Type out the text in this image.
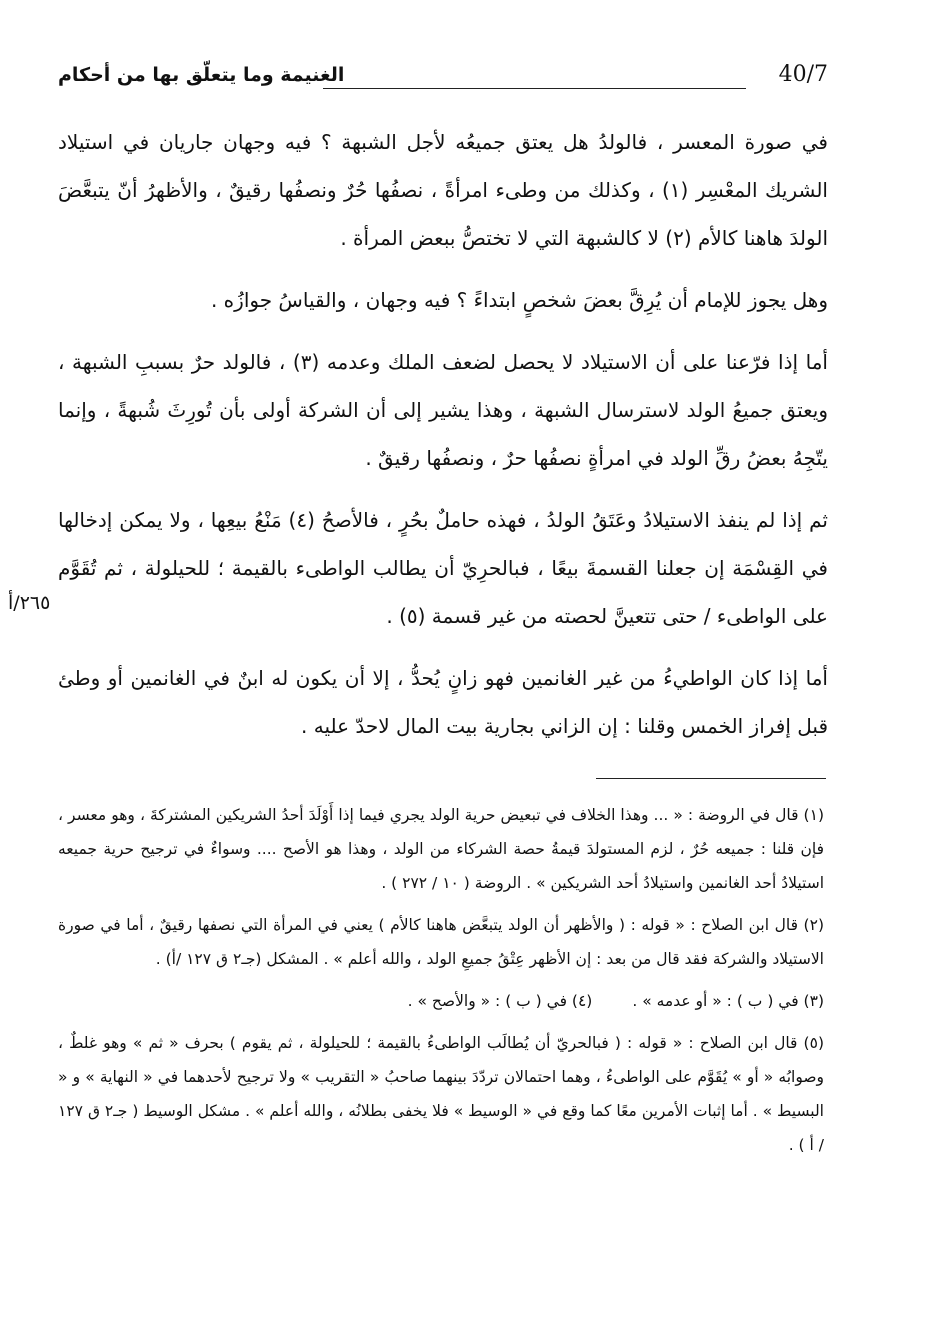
40/7
الغنيمة وما يتعلّق بها من أحكام

في صورة المعسر ، فالولدُ هل يعتق جميعُه لأجل الشبهة ؟ فيه وجهان جاريان في استيلاد الشريك المعْسِر (١) ، وكذلك من وطىء امرأةً ، نصفُها حُرٌ ونصفُها رقيقٌ ، والأظهرُ أنّ يتبعَّضَ الولدَ هاهنا كالأم (٢) لا كالشبهة التي لا تختصُّ ببعض المرأة .

وهل يجوز للإمام أن يُرِقَّ بعضَ شخصٍ ابتداءً ؟ فيه وجهان ، والقياسُ جوازُه .

أما إذا فرّعنا على أن الاستيلاد لا يحصل لضعف الملك وعدمه (٣) ، فالولد حرٌ بسببِ الشبهة ، ويعتق جميعُ الولد لاسترسال الشبهة ، وهذا يشير إلى أن الشركة أولى بأن تُورِثَ شُبهةً ، وإنما يتّجِهُ بعضُ رقِّ الولد في امرأةٍ نصفُها حرٌ ، ونصفُها رقيقٌ .

ثم إذا لم ينفذ الاستيلادُ وعَتَقُ الولدُ ، فهذه حاملٌ بحُرٍ ، فالأصحُ (٤) مَنْعُ بيعِها ، ولا يمكن إدخالها في القِسْمَة إن جعلنا القسمةَ بيعًا ، فبالحرِيّ أن يطالب الواطىء بالقيمة ؛ للحيلولة ، ثم تُقَوَّم على الواطىء / حتى تتعينَّ لحصته من غير قسمة (٥) .

أما إذا كان الواطيءُ من غير الغانمين فهو زانٍ يُحدُّ ، إلا أن يكون له ابنٌ في الغانمين أو وطئ قبل إفراز الخمس وقلنا : إن الزاني بجارية بيت المال لاحدّ عليه .

٢٦٥/أ
(١) قال في الروضة : « ... وهذا الخلاف في تبعيض حرية الولد يجري فيما إذا أَوْلَدَ أحدُ الشريكين المشتركةَ ، وهو معسر ، فإن قلنا : جميعه حُرٌ ، لزم المستولدَ قيمةُ حصة الشركاء من الولد ، وهذا هو الأصح .... وسواءٌ في ترجيح حرية جميعه استيلادُ أحد الغانمين واستيلادُ أحد الشريكين » . الروضة ( ١٠ / ٢٧٢ ) .
(٢) قال ابن الصلاح : « قوله : ( والأظهر أن الولد يتبعَّض هاهنا كالأم ) يعني في المرأة التي نصفها رقيقٌ ، أما في صورة الاستيلاد والشركة فقد قال من بعد : إن الأظهر عِتْقُ جميعِ الولد ، والله أعلم » . المشكل (جـ٢ ق ١٢٧ /أ) .
(٣) في ( ب ) : « أو عدمه » .
(٤) في ( ب ) : « والأصح » .
(٥) قال ابن الصلاح : « قوله : ( فبالحريّ أن يُطالَب الواطىءُ بالقيمة ؛ للحيلولة ، ثم يقوم ) بحرف « ثم » وهو غلطٌ ، وصوابُه « أو » يُقَوَّم على الواطىءُ ، وهما احتمالان تردّدَ بينهما صاحبُ « التقريب » ولا ترجيح لأحدهما في « النهاية » و « البسيط » . أما إثبات الأمرين معًا كما وقع في « الوسيط » فلا يخفى بطلانُه ، والله أعلم » . مشكل الوسيط ( جـ٢ ق ١٢٧ / أ ) .
